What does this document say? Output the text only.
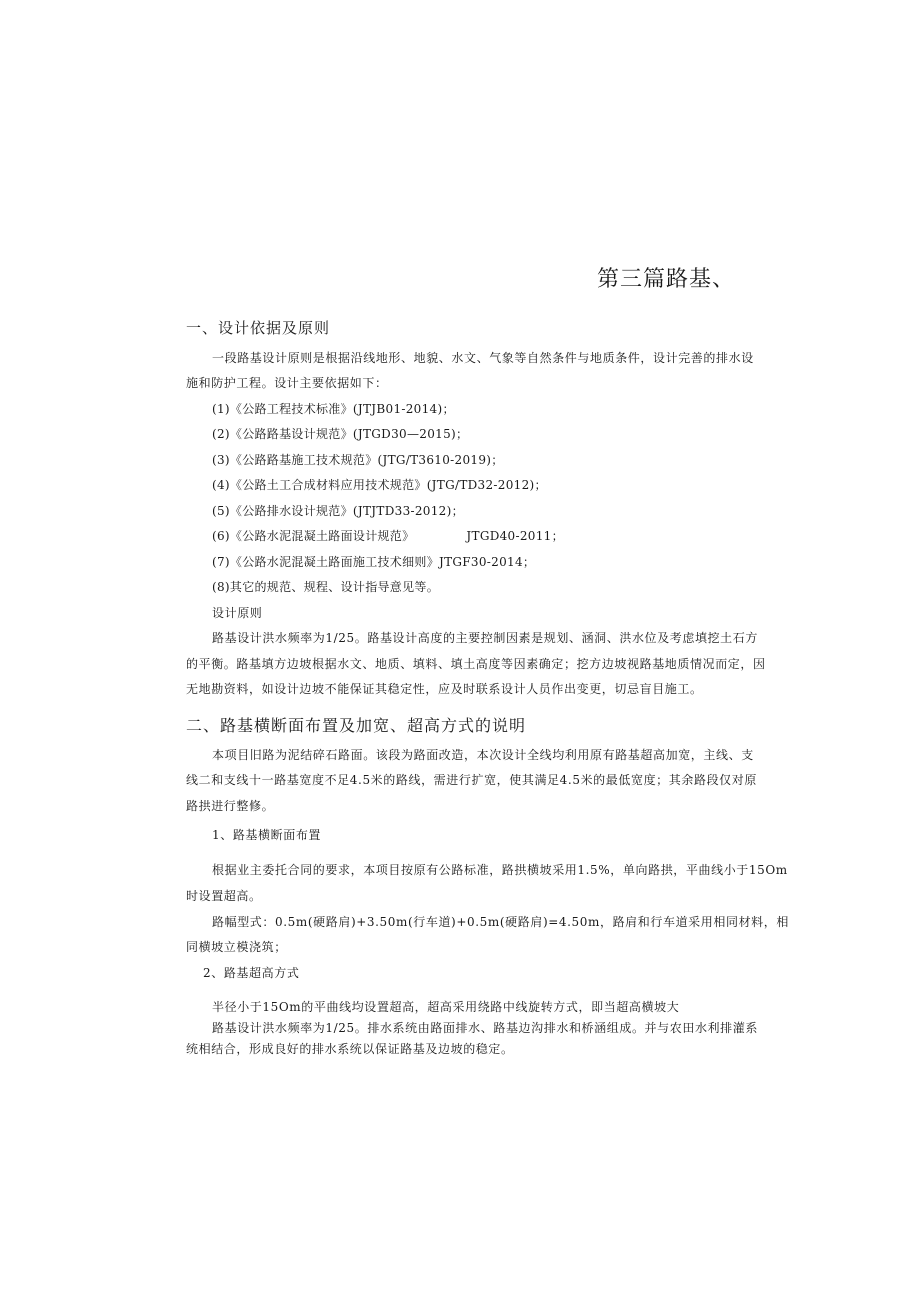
第三篇路基、
一、设计依据及原则
一段路基设计原则是根据沿线地形、地貌、水文、气象等自然条件与地质条件，设计完善的排水设
施和防护工程。设计主要依据如下：
(1)《公路工程技术标准》(JTJB01-2014)；
(2)《公路路基设计规范》(JTGD30—2015)；
(3)《公路路基施工技术规范》(JTG/T3610-2019)；
(4)《公路土工合成材料应用技术规范》(JTG/TD32-2012)；
(5)《公路排水设计规范》(JTJTD33-2012)；
(6)《公路水泥混凝土路面设计规范》	JTGD40-2011；
(7)《公路水泥混凝土路面施工技术细则》JTGF30-2014；
(8)其它的规范、规程、设计指导意见等。
设计原则
路基设计洪水频率为1/25。路基设计高度的主要控制因素是规划、涵洞、洪水位及考虑填挖土石方
的平衡。路基填方边坡根据水文、地质、填料、填土高度等因素确定；挖方边坡视路基地质情况而定，因
无地勘资料，如设计边坡不能保证其稳定性，应及时联系设计人员作出变更，切忌盲目施工。
二、路基横断面布置及加宽、超高方式的说明
本项目旧路为泥结碎石路面。该段为路面改造，本次设计全线均利用原有路基超高加宽，主线、支
线二和支线十一路基宽度不足4.5米的路线，需进行扩宽，使其满足4.5米的最低宽度；其余路段仅对原
路拱进行整修。
1、路基横断面布置
根据业主委托合同的要求，本项目按原有公路标准，路拱横坡采用1.5%，单向路拱，平曲线小于15Om
时设置超高。
路幅型式：0.5m(硬路肩)+3.50m(行车道)+0.5m(硬路肩)=4.50m，路肩和行车道采用相同材料，相
同横坡立模浇筑；
2、路基超高方式
半径小于15Om的平曲线均设置超高，超高采用绕路中线旋转方式，即当超高横坡大
路基设计洪水频率为1/25。排水系统由路面排水、路基边沟排水和桥涵组成。并与农田水利排灌系
统相结合，形成良好的排水系统以保证路基及边坡的稳定。
